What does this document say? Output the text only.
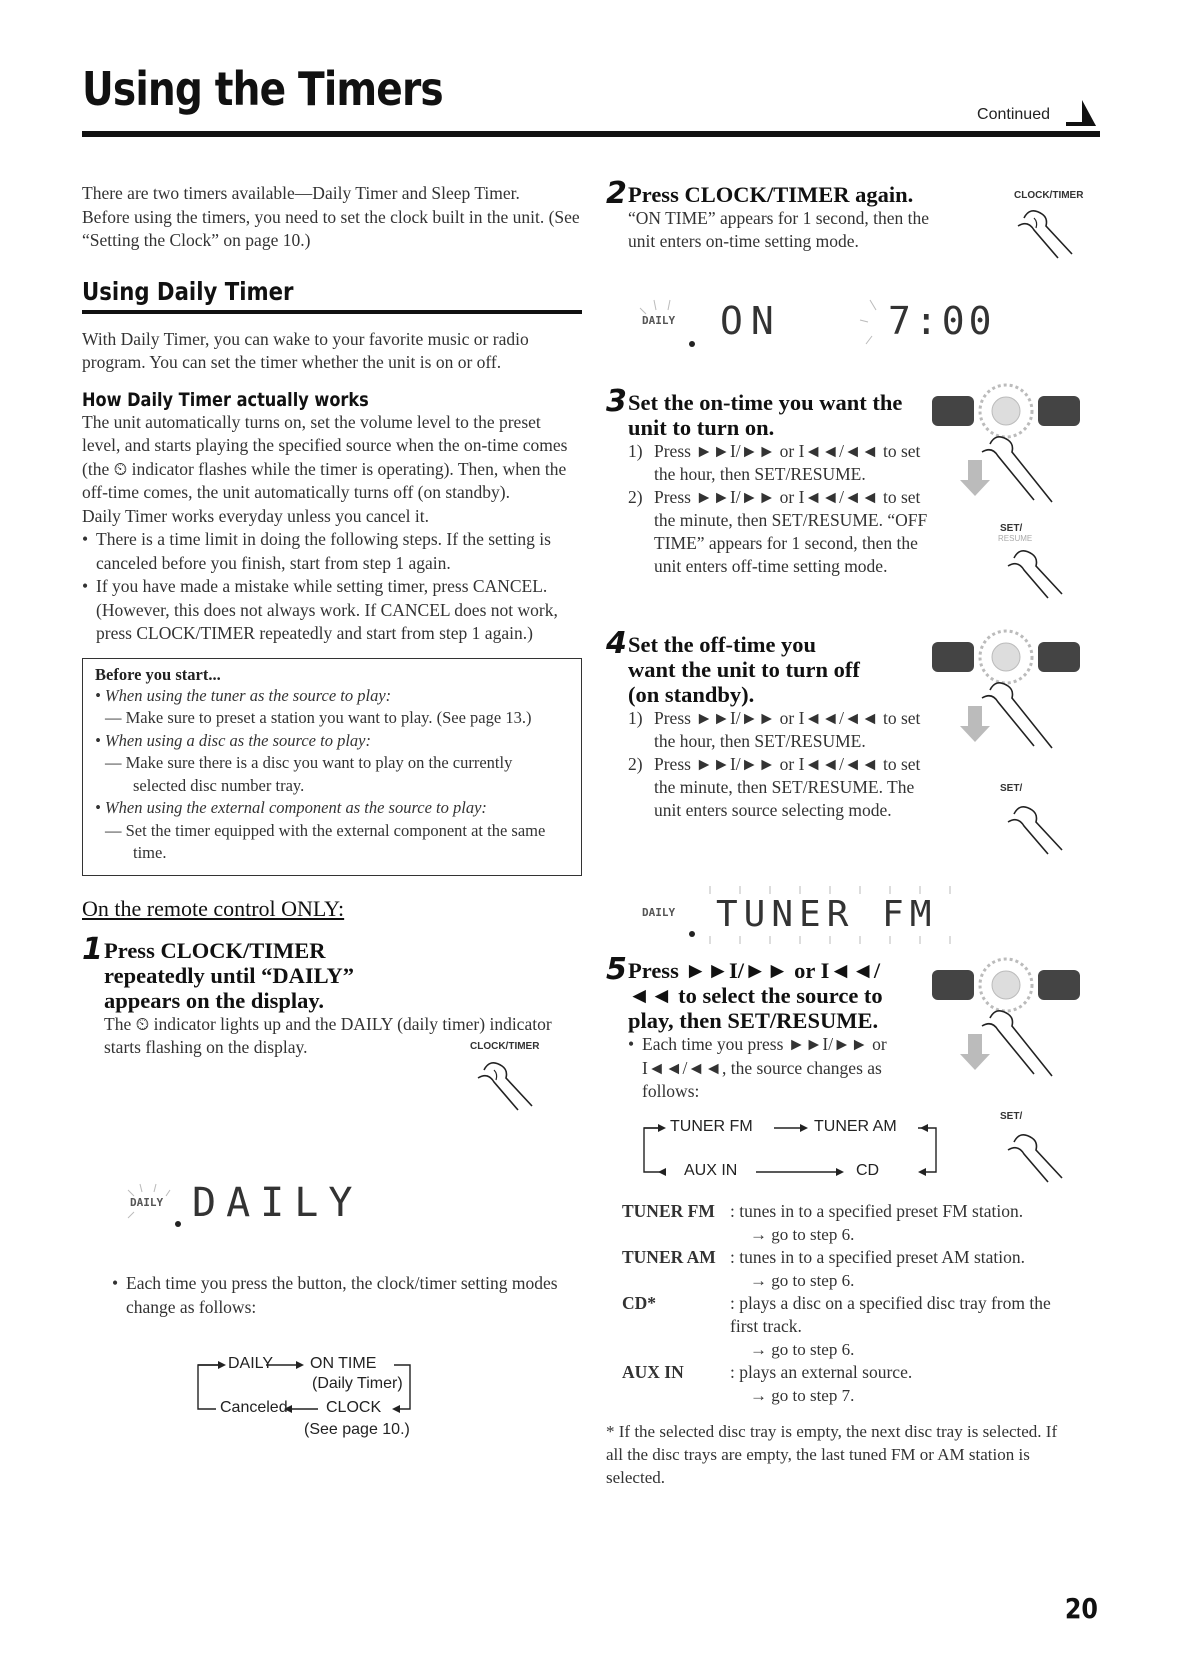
Using the Timers	Continued

There are two timers available—Daily Timer and Sleep Timer.

Before using the timers, you need to set the clock built in the unit. (See “Setting the Clock” on page 10.)

Using Daily Timer

With Daily Timer, you can wake to your favorite music or radio program. You can set the timer whether the unit is on or off.

How Daily Timer actually works

The unit automatically turns on, set the volume level to the preset level, and starts playing the specified source when the on-time comes (the ⏲ indicator flashes while the timer is operating). Then, when the off-time comes, the unit automatically turns off (on standby).

Daily Timer works everyday unless you cancel it.

• There is a time limit in doing the following steps. If the setting is canceled before you finish, start from step 1 again.
• If you have made a mistake while setting timer, press CANCEL. (However, this does not always work. If CANCEL does not work, press CLOCK/TIMER repeatedly and start from step 1 again.)
Before you start...
• When using the tuner as the source to play:
— Make sure to preset a station you want to play. (See page 13.)
• When using a disc as the source to play:
— Make sure there is a disc you want to play on the currently selected disc number tray.
• When using the external component as the source to play:
— Set the timer equipped with the external component at the same time.
On the remote control ONLY:
1 Press CLOCK/TIMER repeatedly until “DAILY” appears on the display.
The ⏲ indicator lights up and the DAILY (daily timer) indicator starts flashing on the display.	CLOCK/TIMER
DAILY DAILY
• Each time you press the button, the clock/timer setting modes change as follows:
DAILY ON TIME
(Daily Timer)
Canceled CLOCK
(See page 10.)
2 Press CLOCK/TIMER again.
“ON TIME” appears for 1 second, then the unit enters on-time setting mode.
CLOCK/TIMER
DAILY ON	7:00
3 Set the on-time you want the unit to turn on.
1) Press ►►I/►► or I◄◄/◄◄ to set the hour, then SET/RESUME.
2) Press ►►I/►► or I◄◄/◄◄ to set the minute, then SET/RESUME. “OFF TIME” appears for 1 second, then the unit enters off-time setting mode.
SET/
RESUME
4 Set the off-time you want the unit to turn off (on standby).
1) Press ►►I/►► or I◄◄/◄◄ to set the hour, then SET/RESUME.
2) Press ►►I/►► or I◄◄/◄◄ to set the minute, then SET/RESUME. The unit enters source selecting mode.
SET/
DAILY TUNER FM
5 Press ►►I/►► or I◄◄/◄◄ to select the source to play, then SET/RESUME.
• Each time you press ►►I/►► or I◄◄/◄◄, the source changes as follows:
SET/
TUNER FM	TUNER AM
AUX IN	CD
TUNER FM : tunes in to a specified preset FM station.
→ go to step 6.
TUNER AM : tunes in to a specified preset AM station.
→ go to step 6.
CD*	: plays a disc on a specified disc tray from the first track.
→ go to step 6.
AUX IN	: plays an external source.
→ go to step 7.
* If the selected disc tray is empty, the next disc tray is selected. If all the disc trays are empty, the last tuned FM or AM station is selected.
20
